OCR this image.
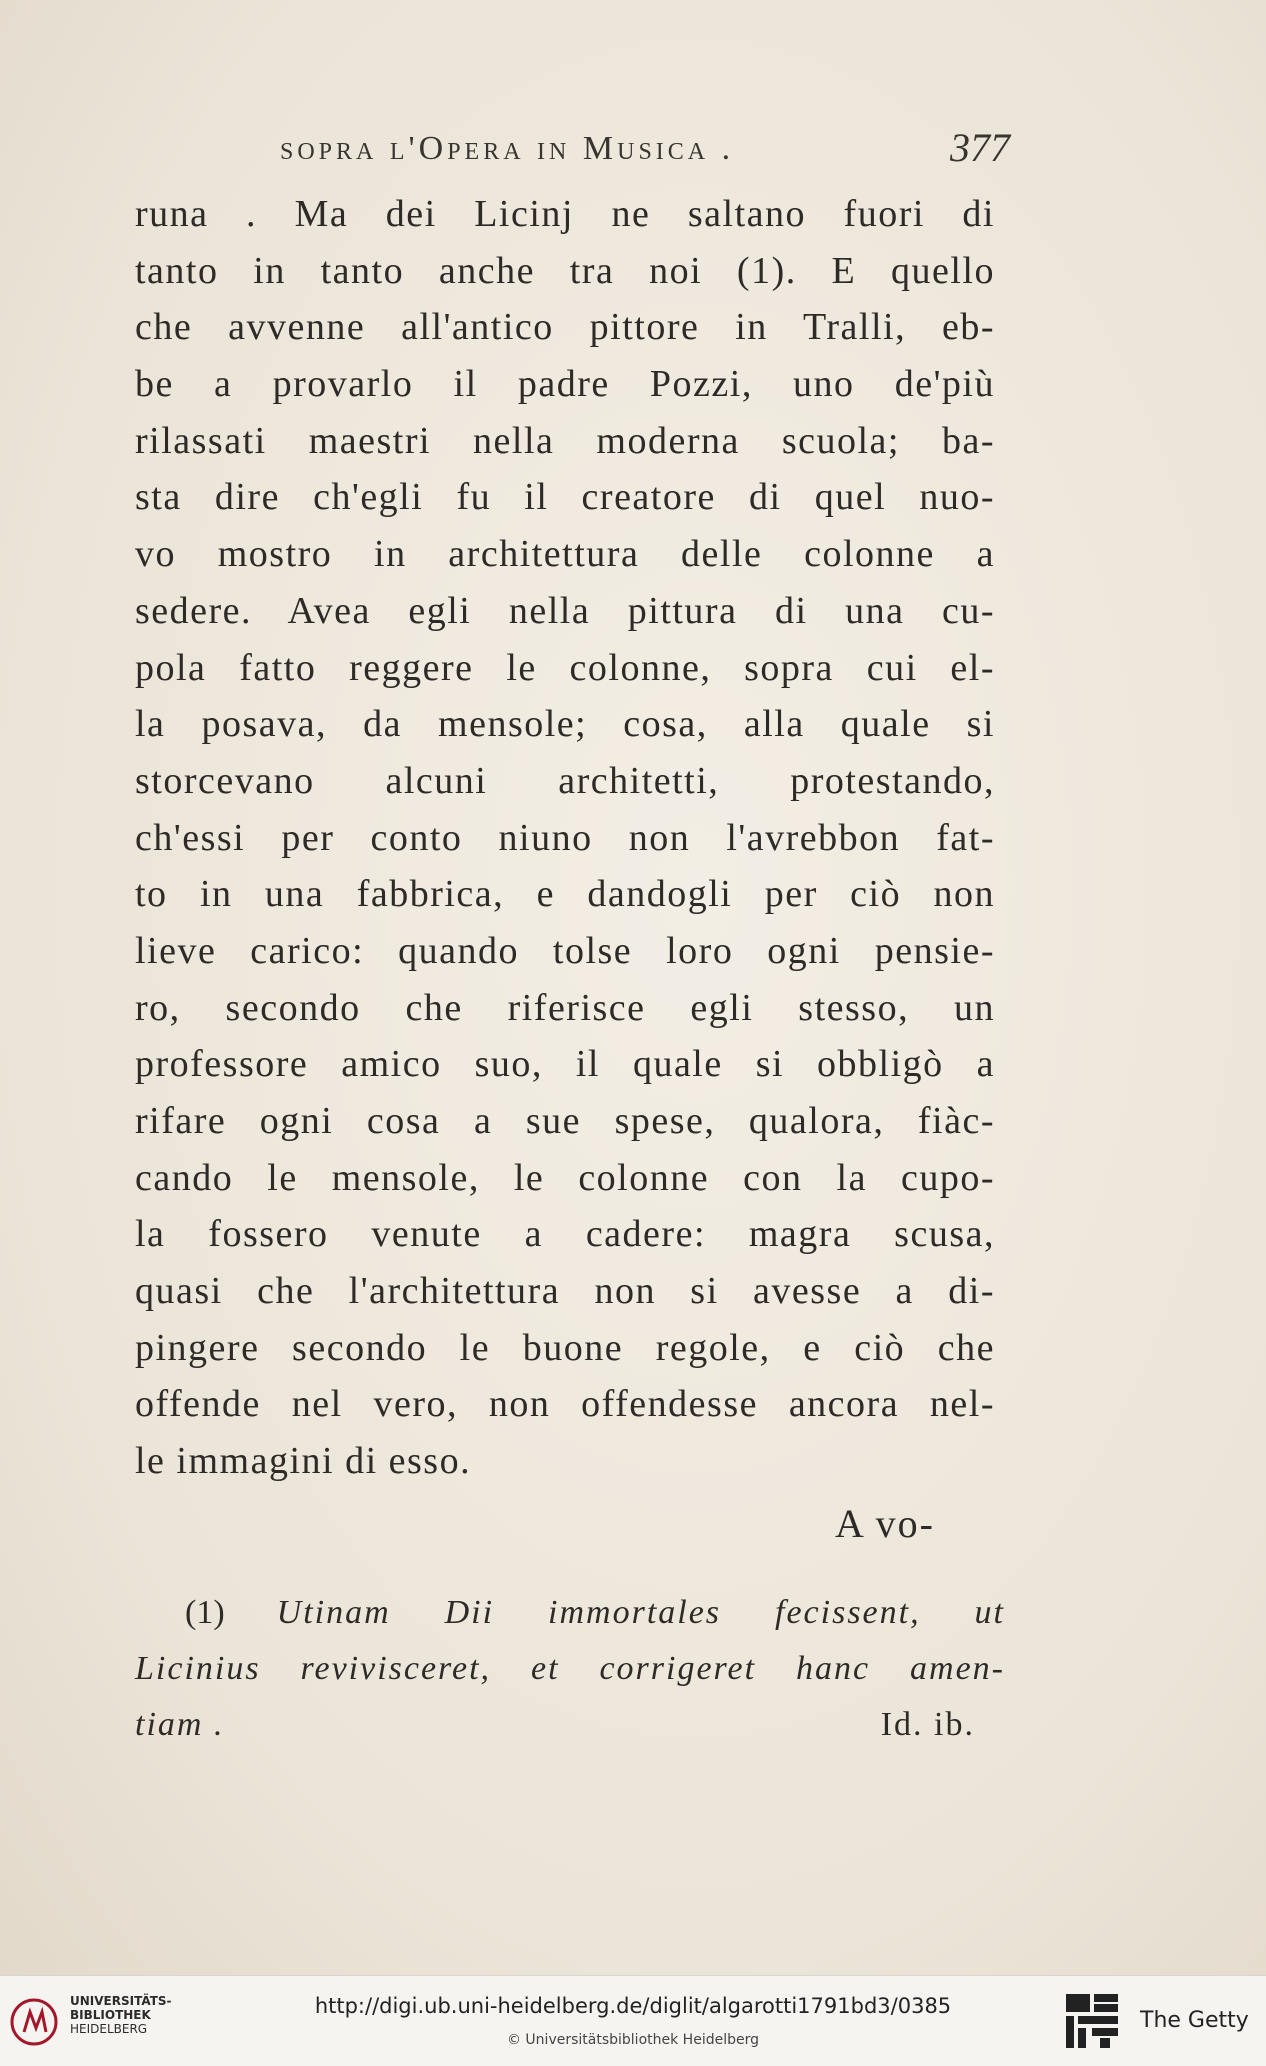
sopra l'Opera in Musica .	377
runa . Ma dei Licinj ne saltano fuori di
tanto in tanto anche tra noi (1). E quello
che avvenne all'antico pittore in Tralli, eb-
be a provarlo il padre Pozzi, uno de'più
rilassati maestri nella moderna scuola; ba-
sta dire ch'egli fu il creatore di quel nuo-
vo mostro in architettura delle colonne a
sedere. Avea egli nella pittura di una cu-
pola fatto reggere le colonne, sopra cui el-
la posava, da mensole; cosa, alla quale si
storcevano alcuni architetti, protestando,
ch'essi per conto niuno non l'avrebbon fat-
to in una fabbrica, e dandogli per ciò non
lieve carico: quando tolse loro ogni pensie-
ro, secondo che riferisce egli stesso, un
professore amico suo, il quale si obbligò a
rifare ogni cosa a sue spese, qualora, fiàc-
cando le mensole, le colonne con la cupo-
la fossero venute a cadere: magra scusa,
quasi che l'architettura non si avesse a di-
pingere secondo le buone regole, e ciò che
offende nel vero, non offendesse ancora nel-
le immagini di esso.
A vo-
(1) Utinam Dii immortales fecissent, ut
Licinius revivisceret, et corrigeret hanc amen-
tiam .	Id. ib.
UNIVERSITÄTS-
BIBLIOTHEK
HEIDELBERG
http://digi.ub.uni-heidelberg.de/diglit/algarotti1791bd3/0385
© Universitätsbibliothek Heidelberg
The Getty
